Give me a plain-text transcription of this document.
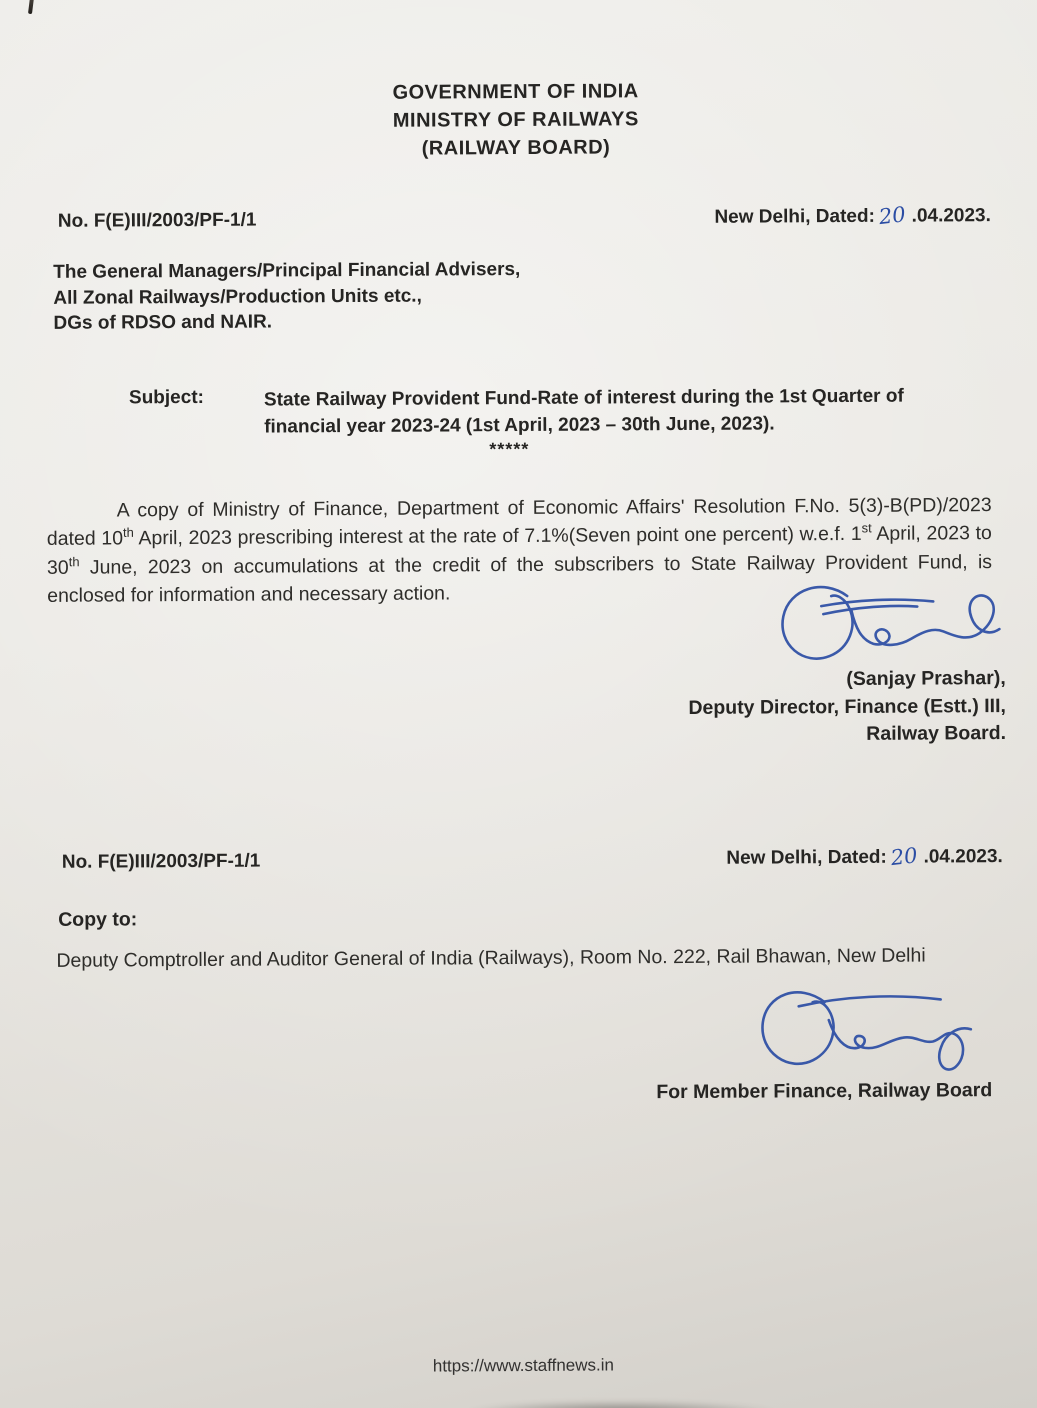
GOVERNMENT OF INDIA
MINISTRY OF RAILWAYS
(RAILWAY BOARD)
No. F(E)III/2003/PF-1/1	New Delhi, Dated: 20 .04.2023.
The General Managers/Principal Financial Advisers,
All Zonal Railways/Production Units etc.,
DGs of RDSO and NAIR.
Subject:	State Railway Provident Fund-Rate of interest during the 1st Quarter of
financial year 2023-24 (1st April, 2023 – 30th June, 2023).
*****

A copy of Ministry of Finance, Department of Economic Affairs' Resolution F.No. 5(3)-B(PD)/2023 dated 10th April, 2023 prescribing interest at the rate of 7.1%(Seven point one percent) w.e.f. 1st April, 2023 to 30th June, 2023 on accumulations at the credit of the subscribers to State Railway Provident Fund, is enclosed for information and necessary action.

(Sanjay Prashar),
Deputy Director, Finance (Estt.) III,
Railway Board.
No. F(E)III/2003/PF-1/1	New Delhi, Dated: 20 .04.2023.
Copy to:
Deputy Comptroller and Auditor General of India (Railways), Room No. 222, Rail Bhawan, New Delhi
For Member Finance, Railway Board
https://www.staffnews.in
